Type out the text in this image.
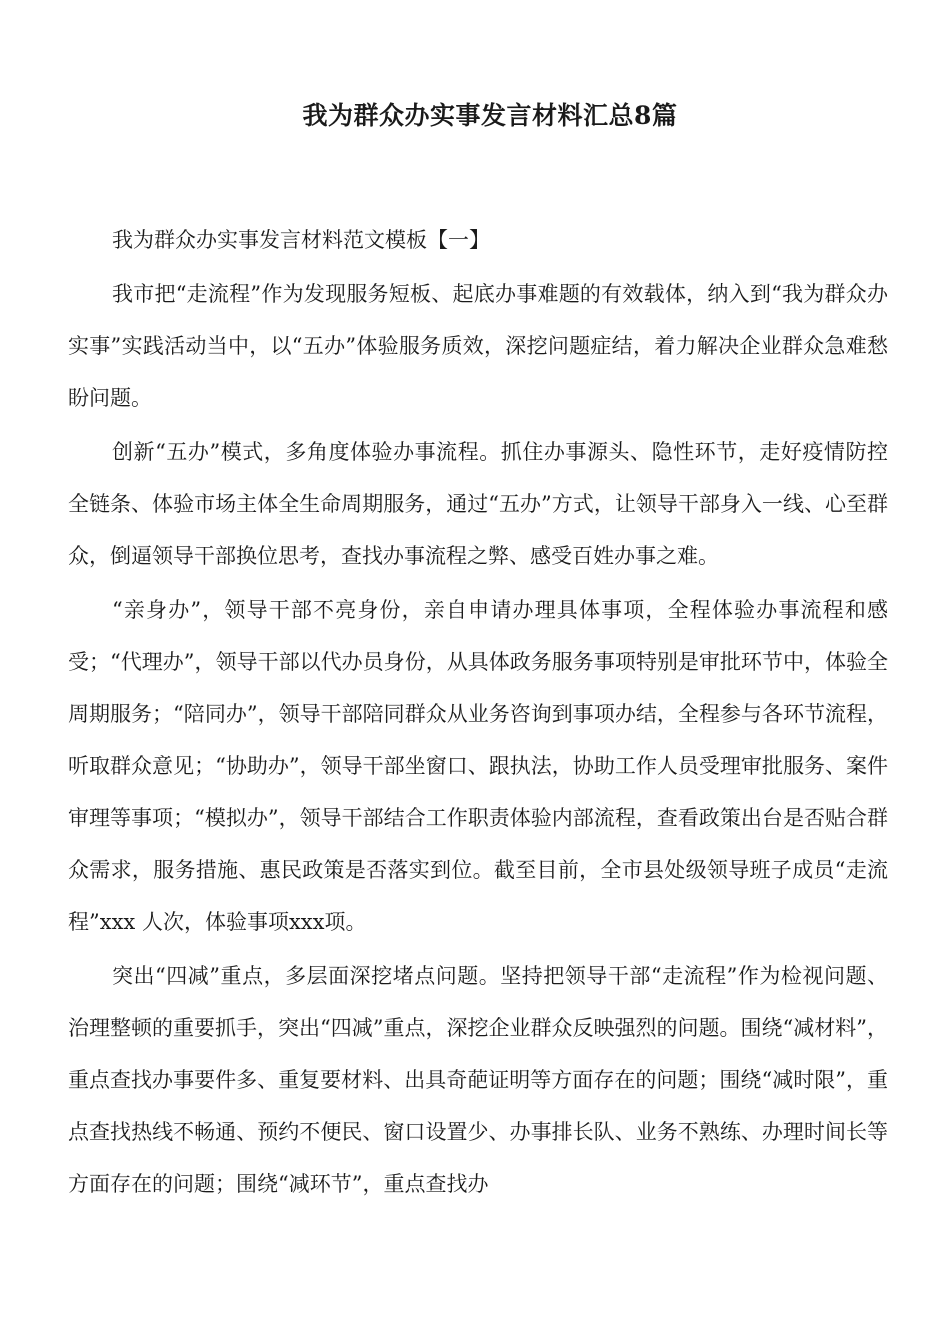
我为群众办实事发言材料汇总8篇

我为群众办实事发言材料范文模板【一】

我市把“走流程”作为发现服务短板、起底办事难题的有效载体，纳入到“我为群众办实事”实践活动当中，以“五办”体验服务质效，深挖问题症结，着力解决企业群众急难愁盼问题。

创新“五办”模式，多角度体验办事流程。抓住办事源头、隐性环节，走好疫情防控全链条、体验市场主体全生命周期服务，通过“五办”方式，让领导干部身入一线、心至群众，倒逼领导干部换位思考，查找办事流程之弊、感受百姓办事之难。

“亲身办”，领导干部不亮身份，亲自申请办理具体事项，全程体验办事流程和感受；“代理办”，领导干部以代办员身份，从具体政务服务事项特别是审批环节中，体验全周期服务；“陪同办”，领导干部陪同群众从业务咨询到事项办结，全程参与各环节流程，听取群众意见；“协助办”，领导干部坐窗口、跟执法，协助工作人员受理审批服务、案件审理等事项；“模拟办”，领导干部结合工作职责体验内部流程，查看政策出台是否贴合群众需求，服务措施、惠民政策是否落实到位。截至目前，全市县处级领导班子成员“走流程”xxx 人次，体验事项xxx项。

突出“四减”重点，多层面深挖堵点问题。坚持把领导干部“走流程”作为检视问题、治理整顿的重要抓手，突出“四减”重点，深挖企业群众反映强烈的问题。围绕“减材料”，重点查找办事要件多、重复要材料、出具奇葩证明等方面存在的问题；围绕“减时限”，重点查找热线不畅通、预约不便民、窗口设置少、办事排长队、业务不熟练、办理时间长等方面存在的问题；围绕“减环节”，重点查找办
